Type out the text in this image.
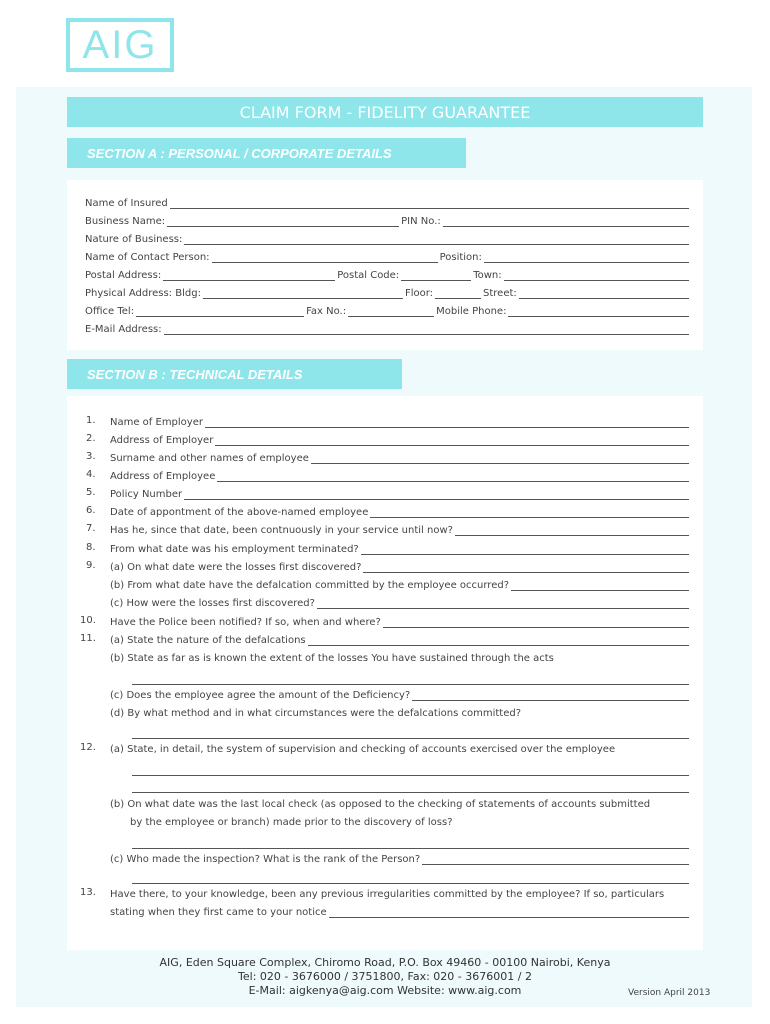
AIG
CLAIM FORM - FIDELITY GUARANTEE
SECTION A : PERSONAL / CORPORATE DETAILS
Name of Insured
Business Name:	PIN No.:
Nature of Business:
Name of Contact Person:	Position:
Postal Address:	Postal Code:	Town:
Physical Address: Bldg:	Floor:	Street:
Office Tel:	Fax No.:	Mobile Phone:
E-Mail Address:
SECTION B : TECHNICAL DETAILS
1.
2.
3.
4.
5.
6.
7.
8.
9.
10.
11.
12.
13.
Name of Employer
Address of Employer
Surname and other names of employee
Address of Employee
Policy Number
Date of appontment of the above-named employee
Has he, since that date, been contnuously in your service until now?
From what date was his employment terminated?
(a) On what date were the losses first discovered?
(b) From what date have the defalcation committed by the employee occurred?
(c) How were the losses first discovered?
Have the Police been notified? If so, when and where?
(a) State the nature of the defalcations
(b) State as far as is known the extent of the losses You have sustained through the acts
(c) Does the employee agree the amount of the Deficiency?
(d) By what method and in what circumstances were the defalcations committed?
(a) State, in detail, the system of supervision and checking of accounts exercised over the employee
(b) On what date was the last local check (as opposed to the checking of statements of accounts submitted
by the employee or branch) made prior to the discovery of loss?
(c) Who made the inspection? What is the rank of the Person?
Have there, to your knowledge, been any previous irregularities committed by the employee? If so, particulars
stating when they first came to your notice
AIG, Eden Square Complex, Chiromo Road, P.O. Box 49460 - 00100 Nairobi, Kenya
Tel: 020 - 3676000 / 3751800, Fax: 020 - 3676001 / 2
E-Mail: aigkenya@aig.com Website: www.aig.com	Version April 2013
